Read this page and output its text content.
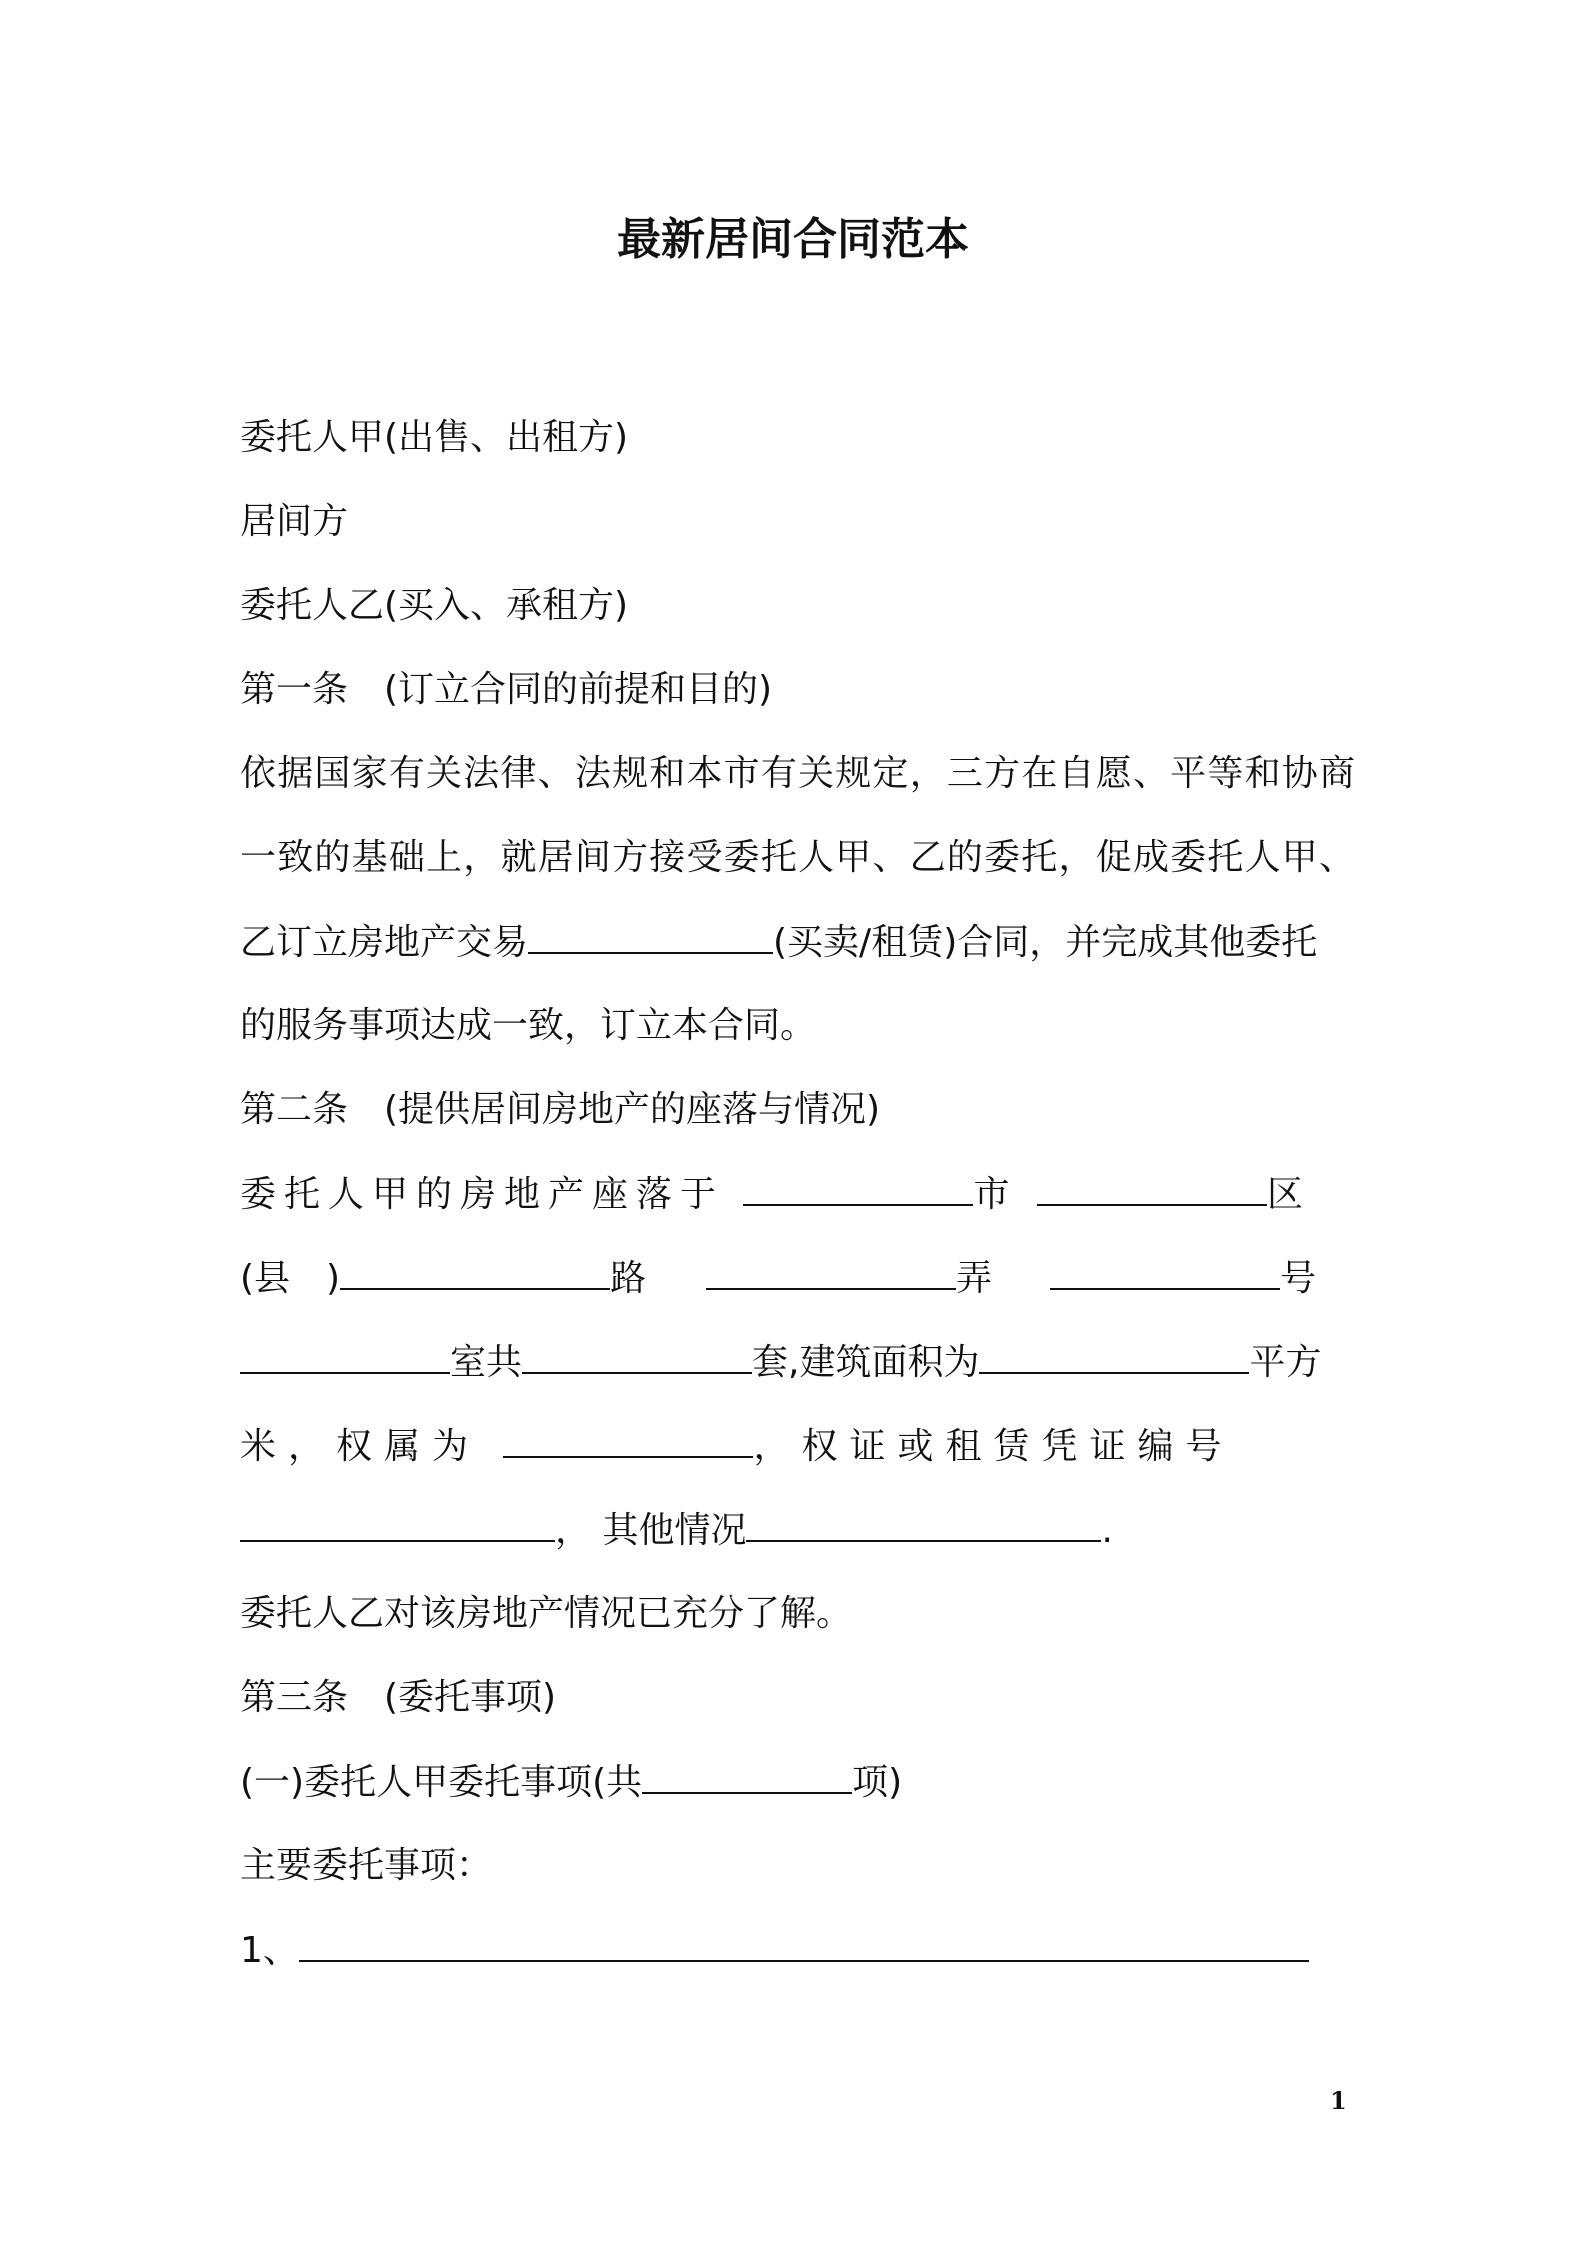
最新居间合同范本
委托人甲(出售、出租方)
居间方
委托人乙(买入、承租方)
第一条　(订立合同的前提和目的)
依据国家有关法律、法规和本市有关规定，三方在自愿、平等和协商
一致的基础上，就居间方接受委托人甲、乙的委托，促成委托人甲、
乙订立房地产交易	(买卖/租赁)合同，并完成其他委托
的服务事项达成一致，订立本合同。
第二条　(提供居间房地产的座落与情况)
委托人甲的房地产座落于	市	区
(县　)	路	弄	号
室共	套,建筑面积为	平方
米，权属为	，权证或租赁凭证编号
， 其他情况	.
委托人乙对该房地产情况已充分了解。
第三条　(委托事项)
(一)委托人甲委托事项(共	项)
主要委托事项：
1、
1
